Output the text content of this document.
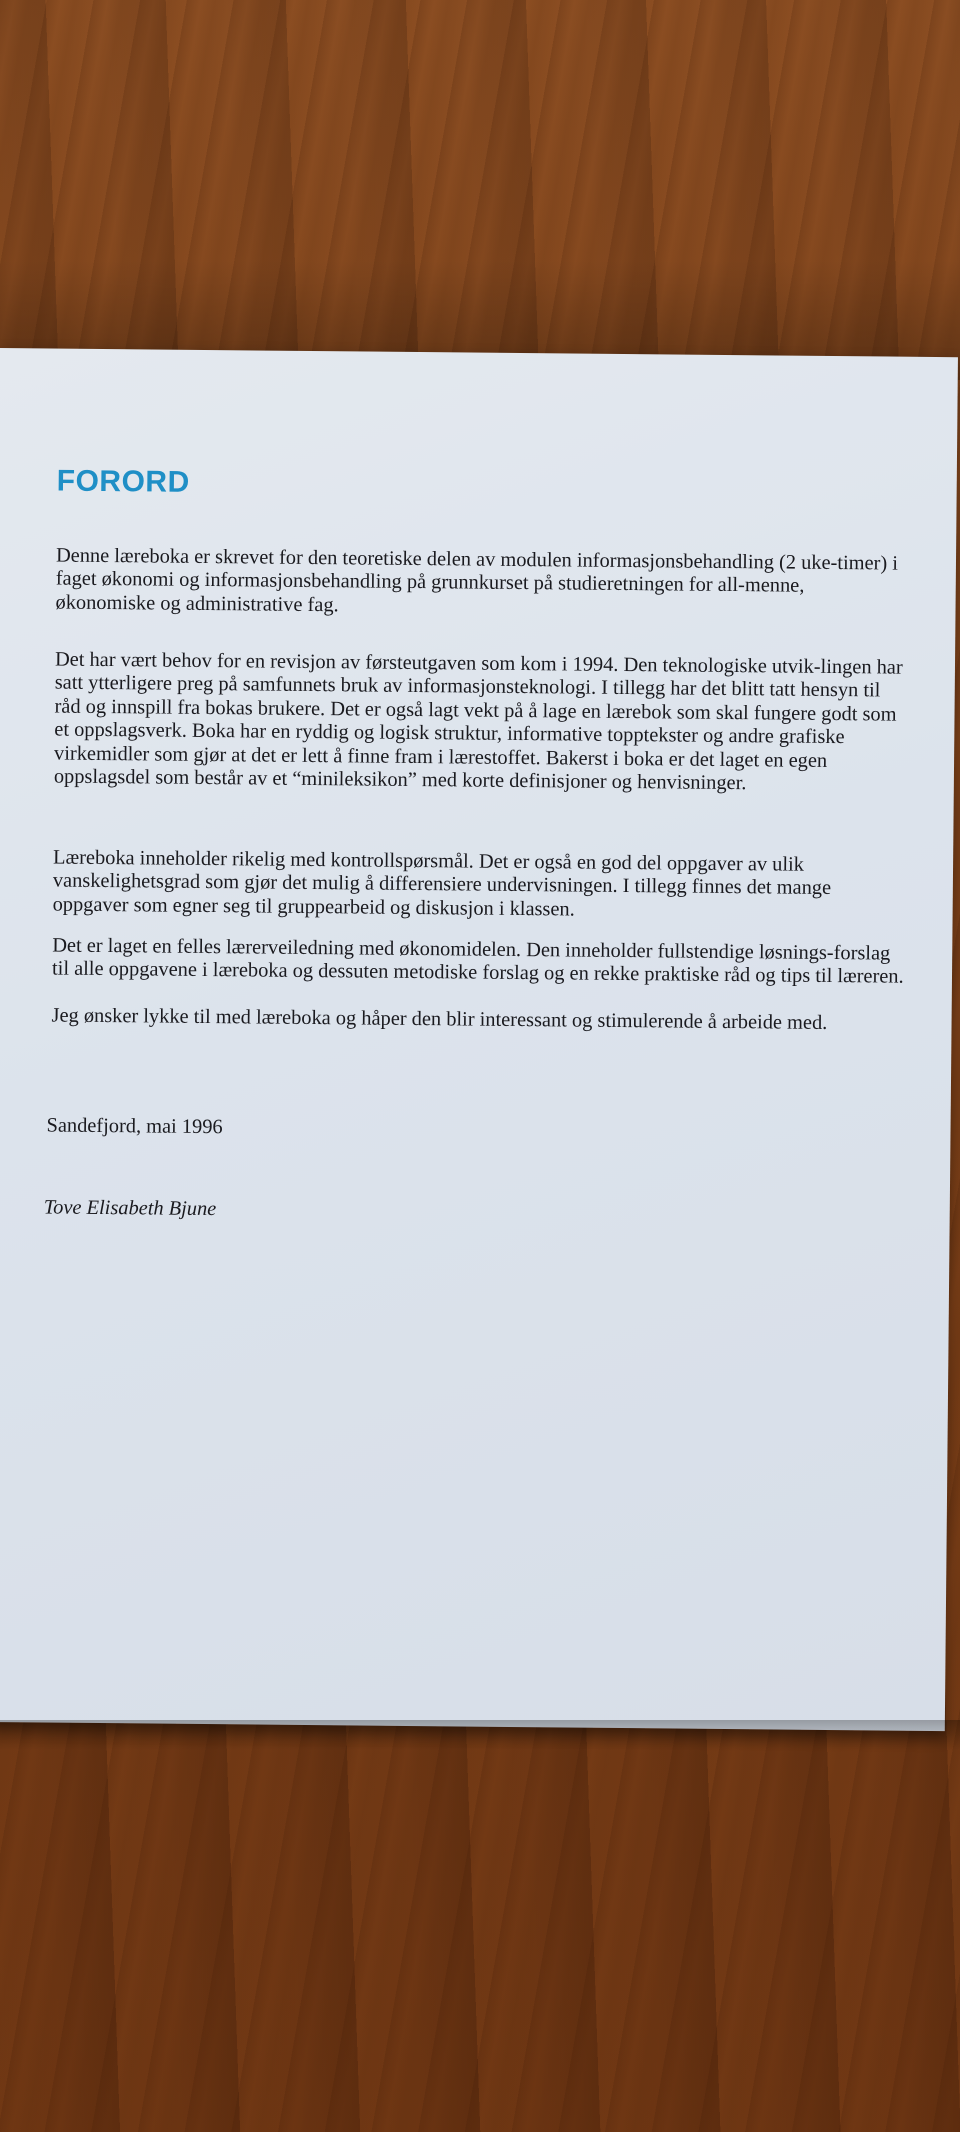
FORORD

Denne læreboka er skrevet for den teoretiske delen av modulen informasjonsbehandling (2 uke-timer) i faget økonomi og informasjonsbehandling på grunnkurset på studieretningen for all-menne, økonomiske og administrative fag.

Det har vært behov for en revisjon av førsteutgaven som kom i 1994. Den teknologiske utvik-lingen har satt ytterligere preg på samfunnets bruk av informasjonsteknologi. I tillegg har det blitt tatt hensyn til råd og innspill fra bokas brukere. Det er også lagt vekt på å lage en lærebok som skal fungere godt som et oppslagsverk. Boka har en ryddig og logisk struktur, informative topptekster og andre grafiske virkemidler som gjør at det er lett å finne fram i lærestoffet. Bakerst i boka er det laget en egen oppslagsdel som består av et “minileksikon” med korte definisjoner og henvisninger.

Læreboka inneholder rikelig med kontrollspørsmål. Det er også en god del oppgaver av ulik vanskelighetsgrad som gjør det mulig å differensiere undervisningen. I tillegg finnes det mange oppgaver som egner seg til gruppearbeid og diskusjon i klassen.

Det er laget en felles lærerveiledning med økonomidelen. Den inneholder fullstendige løsnings-forslag til alle oppgavene i læreboka og dessuten metodiske forslag og en rekke praktiske råd og tips til læreren.

Jeg ønsker lykke til med læreboka og håper den blir interessant og stimulerende å arbeide med.

Sandefjord, mai 1996
Tove Elisabeth Bjune
